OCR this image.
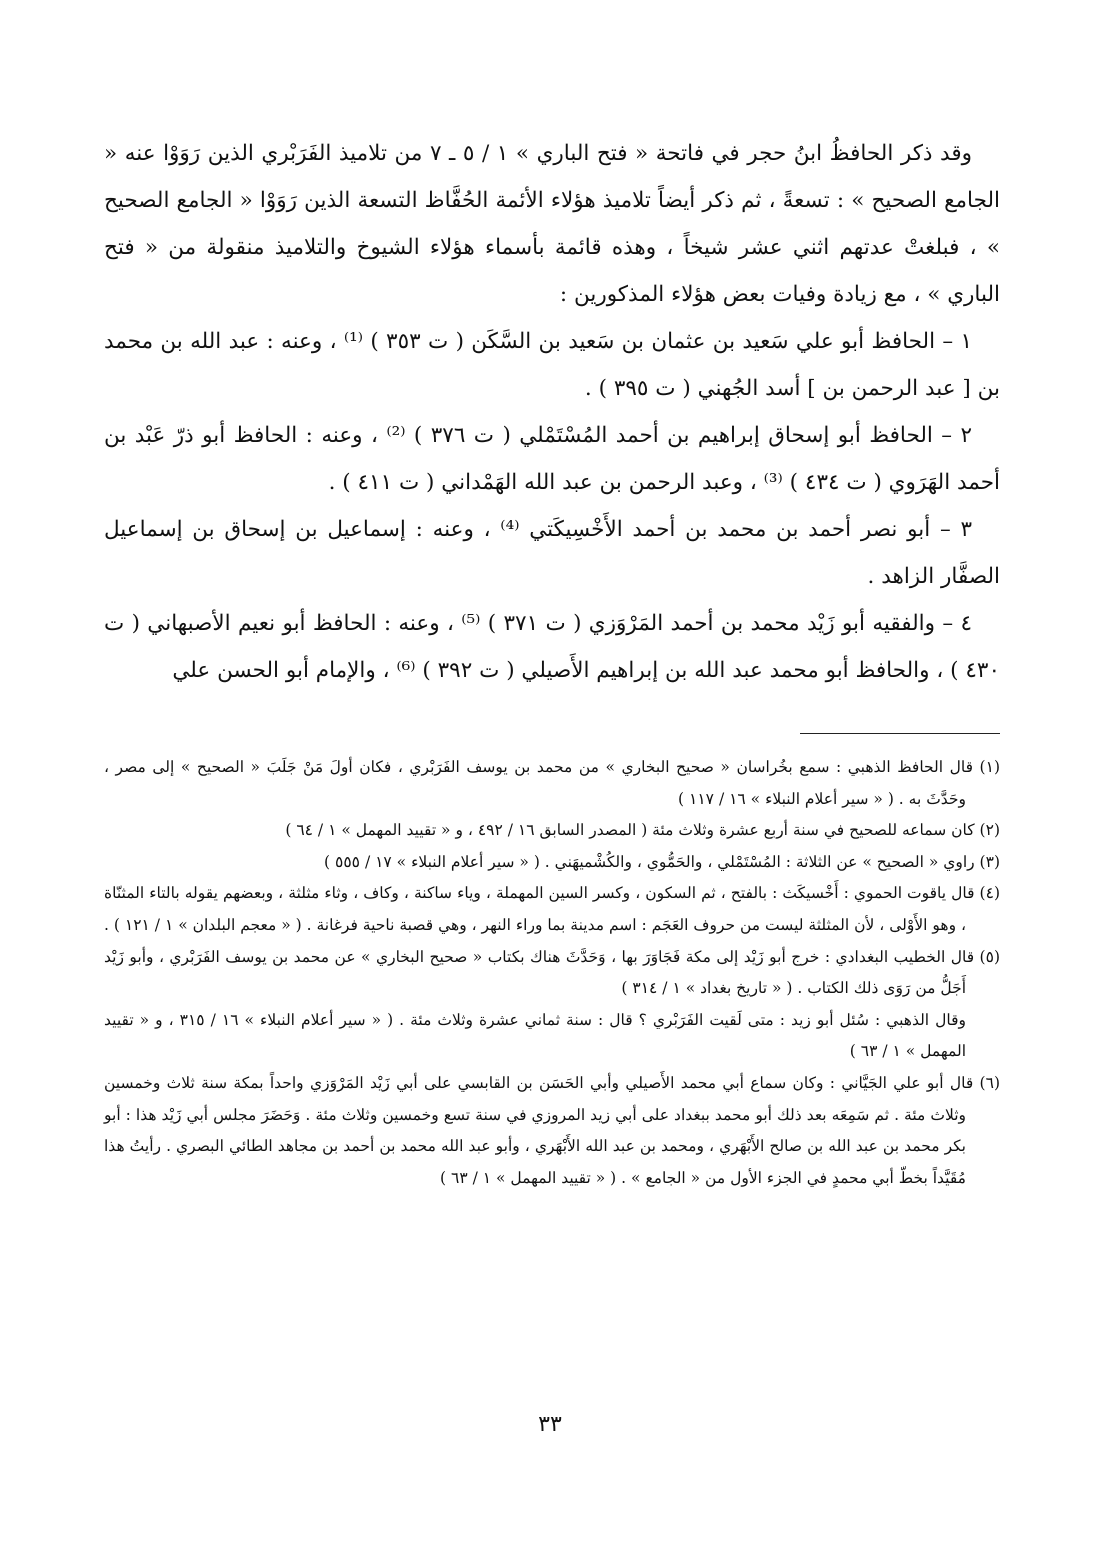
وقد ذكر الحافظُ ابنُ حجر في فاتحة « فتح الباري » ١ / ٥ ـ ٧ من تلاميذ الفَرَبْري الذين رَوَوْا عنه « الجامع الصحيح » : تسعةً ، ثم ذكر أيضاً تلاميذ هؤلاء الأئمة الحُفَّاظ التسعة الذين رَوَوْا « الجامع الصحيح » ، فبلغتْ عدتهم اثني عشر شيخاً ، وهذه قائمة بأسماء هؤلاء الشيوخ والتلاميذ منقولة من « فتح الباري » ، مع زيادة وفيات بعض هؤلاء المذكورين :

١ – الحافظ أبو علي سَعيد بن عثمان بن سَعيد بن السَّكَن ( ت ٣٥٣ ) ⁽¹⁾ ، وعنه : عبد الله بن محمد بن [ عبد الرحمن بن ] أسد الجُهني ( ت ٣٩٥ ) .

٢ – الحافظ أبو إسحاق إبراهيم بن أحمد المُسْتَمْلي ( ت ٣٧٦ ) ⁽²⁾ ، وعنه : الحافظ أبو ذرّ عَبْد بن أحمد الهَرَوي ( ت ٤٣٤ ) ⁽³⁾ ، وعبد الرحمن بن عبد الله الهَمْداني ( ت ٤١١ ) .

٣ – أبو نصر أحمد بن محمد بن أحمد الأَخْسِيكَتي ⁽⁴⁾ ، وعنه : إسماعيل بن إسحاق بن إسماعيل الصفَّار الزاهد .

٤ – والفقيه أبو زَيْد محمد بن أحمد المَرْوَزي ( ت ٣٧١ ) ⁽⁵⁾ ، وعنه : الحافظ أبو نعيم الأصبهاني ( ت ٤٣٠ ) ، والحافظ أبو محمد عبد الله بن إبراهيم الأَصيلي ( ت ٣٩٢ ) ⁽⁶⁾ ، والإمام أبو الحسن علي

(١) قال الحافظ الذهبي : سمع بخُراسان « صحيح البخاري » من محمد بن يوسف الفَرَبْري ، فكان أولَ مَنْ جَلَبَ « الصحيح » إلى مصر ، وحَدَّثَ به . ( « سير أعلام النبلاء » ١٦ / ١١٧ )

(٢) كان سماعه للصحيح في سنة أربع عشرة وثلاث مئة ( المصدر السابق ١٦ / ٤٩٢ ، و « تقييد المهمل » ١ / ٦٤ )

(٣) راوي « الصحيح » عن الثلاثة : المُسْتَمْلي ، والحَمُّوي ، والكُشْميهَني . ( « سير أعلام النبلاء » ١٧ / ٥٥٥ )

(٤) قال ياقوت الحموي : أَخْسيكَث : بالفتح ، ثم السكون ، وكسر السين المهملة ، وياء ساكنة ، وكاف ، وثاء مثلثة ، وبعضهم يقوله بالتاء المثنّاة ، وهو الأَوْلى ، لأن المثلثة ليست من حروف العَجَم : اسم مدينة بما وراء النهر ، وهي قصبة ناحية فرغانة . ( « معجم البلدان » ١ / ١٢١ ) .

(٥) قال الخطيب البغدادي : خرج أبو زَيْد إلى مكة فَجَاوَرَ بها ، وَحَدَّثَ هناك بكتاب « صحيح البخاري » عن محمد بن يوسف الفَرَبْري ، وأبو زَيْد أَجَلُّ من رَوَى ذلك الكتاب . ( « تاريخ بغداد » ١ / ٣١٤ )

وقال الذهبي : سُئل أبو زيد : متى لَقيت الفَرَبْري ؟ قال : سنة ثماني عشرة وثلاث مئة . ( « سير أعلام النبلاء » ١٦ / ٣١٥ ، و « تقييد المهمل » ١ / ٦٣ )

(٦) قال أبو علي الجَيَّاني : وكان سماع أبي محمد الأَصيلي وأبي الحَسَن بن القابسي على أبي زَيْد المَرْوَزي واحداً بمكة سنة ثلاث وخمسين وثلاث مئة . ثم سَمِعَه بعد ذلك أبو محمد ببغداد على أبي زيد المروزي في سنة تسع وخمسين وثلاث مئة . وَحَضَرَ مجلس أبي زَيْد هذا : أبو بكر محمد بن عبد الله بن صالح الأَبْهَري ، ومحمد بن عبد الله الأَبْهَري ، وأبو عبد الله محمد بن أحمد بن مجاهد الطائي البصري . رأيتُ هذا مُقَيَّداً بخطّ أبي محمدٍ في الجزء الأول من « الجامع » . ( « تقييد المهمل » ١ / ٦٣ )

٣٣
